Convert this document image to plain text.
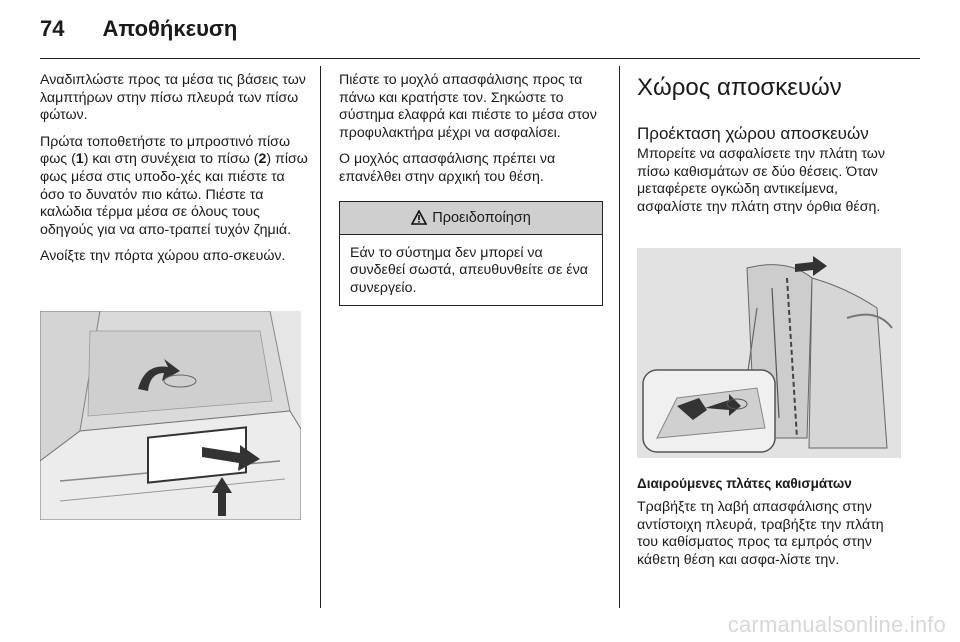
74 Αποθήκευση

Αναδιπλώστε προς τα μέσα τις βάσεις των λαμπτήρων στην πίσω πλευρά των πίσω φώτων.

Πρώτα τοποθετήστε το μπροστινό πίσω φως (1) και στη συνέχεια το πίσω (2) πίσω φως μέσα στις υποδο-χές και πιέστε τα όσο το δυνατόν πιο κάτω. Πιέστε τα καλώδια τέρμα μέσα σε όλους τους οδηγούς για να απο-τραπεί τυχόν ζημιά.

Ανοίξτε την πόρτα χώρου απο-σκευών.

Πιέστε το μοχλό απασφάλισης προς τα πάνω και κρατήστε τον. Σηκώστε το σύστημα ελαφρά και πιέστε το μέσα στον προφυλακτήρα μέχρι να ασφαλίσει.

Ο μοχλός απασφάλισης πρέπει να επανέλθει στην αρχική του θέση.

Προειδοποίηση
Εάν το σύστημα δεν μπορεί να συνδεθεί σωστά, απευθυνθείτε σε ένα συνεργείο.
Χώρος αποσκευών
Προέκταση χώρου αποσκευών

Μπορείτε να ασφαλίσετε την πλάτη των πίσω καθισμάτων σε δύο θέσεις. Όταν μεταφέρετε ογκώδη αντικείμενα, ασφαλίστε την πλάτη στην όρθια θέση.

Διαιρούμενες πλάτες καθισμάτων

Τραβήξτε τη λαβή απασφάλισης στην αντίστοιχη πλευρά, τραβήξτε την πλάτη του καθίσματος προς τα εμπρός στην κάθετη θέση και ασφα-λίστε την.

carmanualsonline.info
